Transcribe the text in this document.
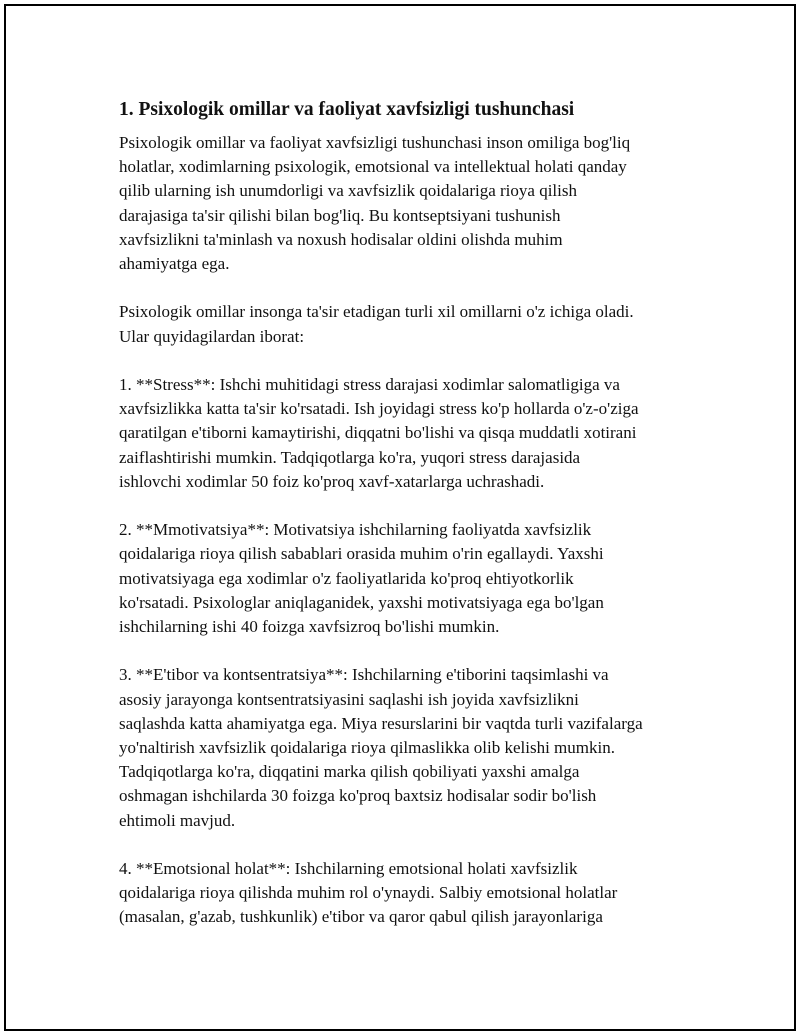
1. Psixologik omillar va faoliyat xavfsizligi tushunchasi

Psixologik omillar va faoliyat xavfsizligi tushunchasi inson omiliga bog'liq
holatlar, xodimlarning psixologik, emotsional va intellektual holati qanday
qilib ularning ish unumdorligi va xavfsizlik qoidalariga rioya qilish
darajasiga ta'sir qilishi bilan bog'liq. Bu kontseptsiyani tushunish
xavfsizlikni ta'minlash va noxush hodisalar oldini olishda muhim
ahamiyatga ega.

Psixologik omillar insonga ta'sir etadigan turli xil omillarni o'z ichiga oladi.
Ular quyidagilardan iborat:

1. **Stress**: Ishchi muhitidagi stress darajasi xodimlar salomatligiga va
xavfsizlikka katta ta'sir ko'rsatadi. Ish joyidagi stress ko'p hollarda o'z-o'ziga
qaratilgan e'tiborni kamaytirishi, diqqatni bo'lishi va qisqa muddatli xotirani
zaiflashtirishi mumkin. Tadqiqotlarga ko'ra, yuqori stress darajasida
ishlovchi xodimlar 50 foiz ko'proq xavf-xatarlarga uchrashadi.

2. **Mmotivatsiya**: Motivatsiya ishchilarning faoliyatda xavfsizlik
qoidalariga rioya qilish sabablari orasida muhim o'rin egallaydi. Yaxshi
motivatsiyaga ega xodimlar o'z faoliyatlarida ko'proq ehtiyotkorlik
ko'rsatadi. Psixologlar aniqlaganidek, yaxshi motivatsiyaga ega bo'lgan
ishchilarning ishi 40 foizga xavfsizroq bo'lishi mumkin.

3. **E'tibor va kontsentratsiya**: Ishchilarning e'tiborini taqsimlashi va
asosiy jarayonga kontsentratsiyasini saqlashi ish joyida xavfsizlikni
saqlashda katta ahamiyatga ega. Miya resurslarini bir vaqtda turli vazifalarga
yo'naltirish xavfsizlik qoidalariga rioya qilmaslikka olib kelishi mumkin.
Tadqiqotlarga ko'ra, diqqatini marka qilish qobiliyati yaxshi amalga
oshmagan ishchilarda 30 foizga ko'proq baxtsiz hodisalar sodir bo'lish
ehtimoli mavjud.

4. **Emotsional holat**: Ishchilarning emotsional holati xavfsizlik
qoidalariga rioya qilishda muhim rol o'ynaydi. Salbiy emotsional holatlar
(masalan, g'azab, tushkunlik) e'tibor va qaror qabul qilish jarayonlariga
